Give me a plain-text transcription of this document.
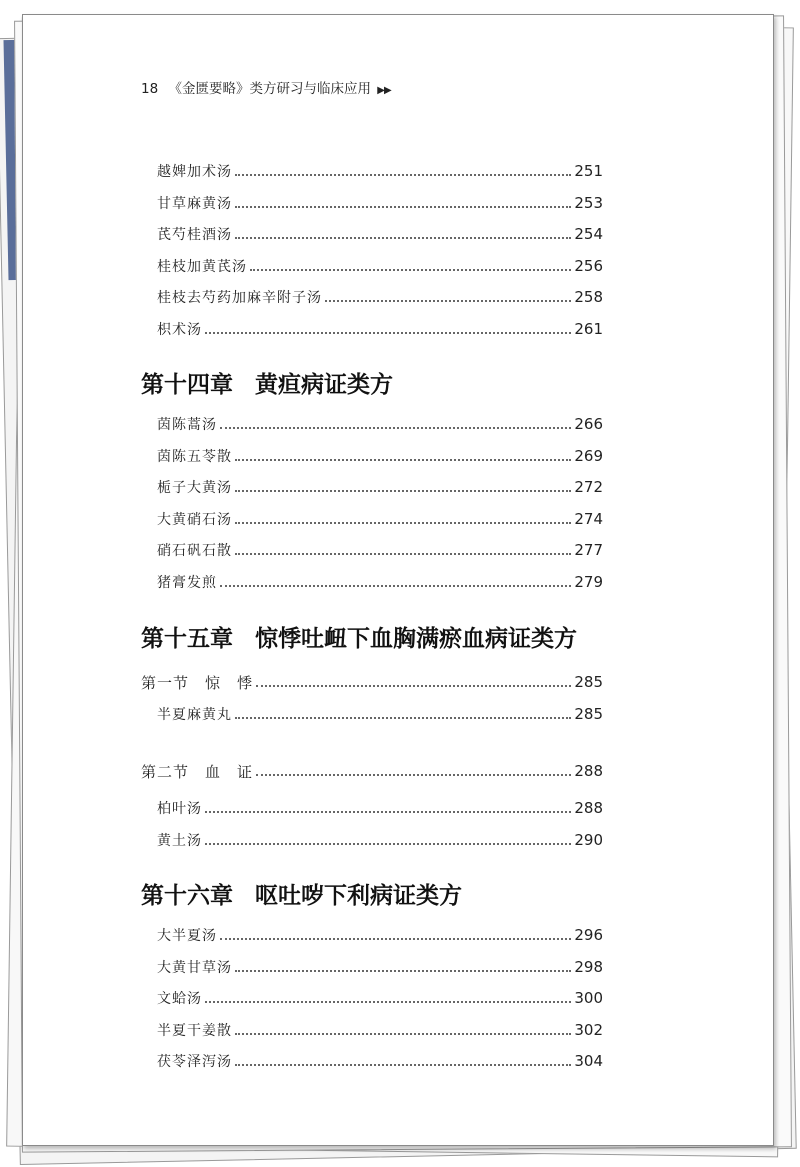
18 《金匮要略》类方研习与临床应用 ▶▶
越婢加术汤	251
甘草麻黄汤	253
芪芍桂酒汤	254
桂枝加黄芪汤	256
桂枝去芍药加麻辛附子汤	258
枳术汤	261
第十四章 黄疸病证类方
茵陈蒿汤	266
茵陈五苓散	269
栀子大黄汤	272
大黄硝石汤	274
硝石矾石散	277
猪膏发煎	279
第十五章 惊悸吐衄下血胸满瘀血病证类方
第一节　惊　悸	285
半夏麻黄丸	285
第二节　血　证	288
柏叶汤	288
黄土汤	290
第十六章 呕吐哕下利病证类方
大半夏汤	296
大黄甘草汤	298
文蛤汤	300
半夏干姜散	302
茯苓泽泻汤	304
